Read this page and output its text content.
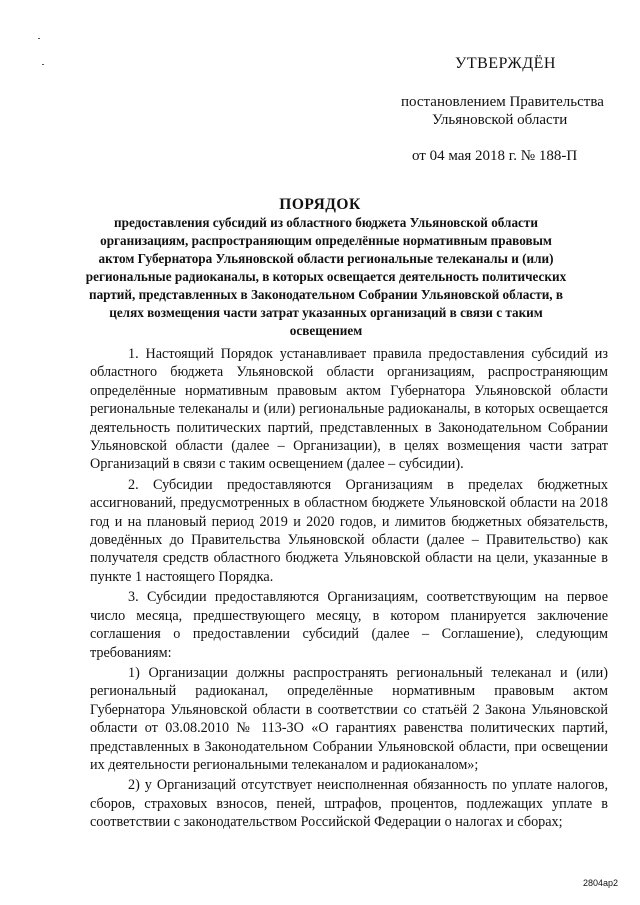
УТВЕРЖДЁН
постановлением Правительства
Ульяновской области
от 04 мая 2018 г. № 188-П
ПОРЯДОК
предоставления субсидий из областного бюджета Ульяновской области организациям, распространяющим определённые нормативным правовым актом Губернатора Ульяновской области региональные телеканалы и (или) региональные радиоканалы, в которых освещается деятельность политических партий, представленных в Законодательном Собрании Ульяновской области, в целях возмещения части затрат указанных организаций в связи с таким освещением

1. Настоящий Порядок устанавливает правила предоставления субсидий из областного бюджета Ульяновской области организациям, распространяющим определённые нормативным правовым актом Губернатора Ульяновской области региональные телеканалы и (или) региональные радиоканалы, в которых освещается деятельность политических партий, представленных в Законодательном Собрании Ульяновской области (далее – Организации), в целях возмещения части затрат Организаций в связи с таким освещением (далее – субсидии).

2. Субсидии предоставляются Организациям в пределах бюджетных ассигнований, предусмотренных в областном бюджете Ульяновской области на 2018 год и на плановый период 2019 и 2020 годов, и лимитов бюджетных обязательств, доведённых до Правительства Ульяновской области (далее – Правительство) как получателя средств областного бюджета Ульяновской области на цели, указанные в пункте 1 настоящего Порядка.

3. Субсидии предоставляются Организациям, соответствующим на первое число месяца, предшествующего месяцу, в котором планируется заключение соглашения о предоставлении субсидий (далее – Соглашение), следующим требованиям:

1) Организации должны распространять региональный телеканал и (или) региональный радиоканал, определённые нормативным правовым актом Губернатора Ульяновской области в соответствии со статьёй 2 Закона Ульяновской области от 03.08.2010 № 113-ЗО «О гарантиях равенства политических партий, представленных в Законодательном Собрании Ульяновской области, при освещении их деятельности региональными телеканалом и радиоканалом»;

2) у Организаций отсутствует неисполненная обязанность по уплате налогов, сборов, страховых взносов, пеней, штрафов, процентов, подлежащих уплате в соответствии с законодательством Российской Федерации о налогах и сборах;

2804ар2
